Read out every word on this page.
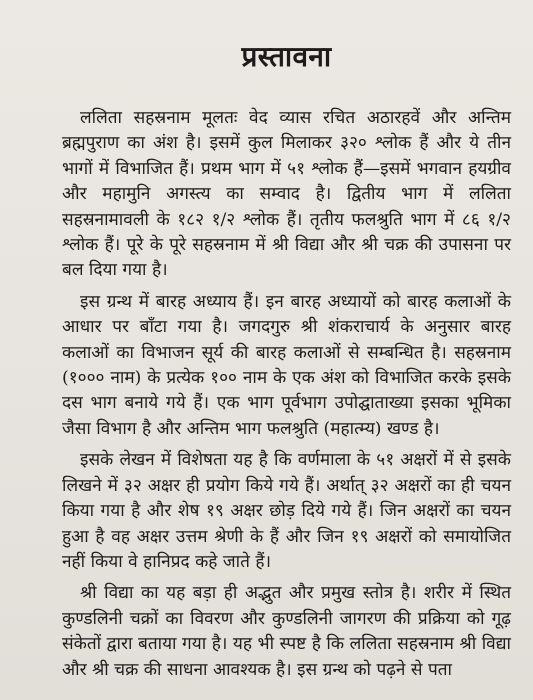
प्रस्तावना

ललिता सहस्रनाम मूलतः वेद व्यास रचित अठारहवें और अन्तिम ब्रह्मपुराण का अंश है। इसमें कुल मिलाकर ३२० श्लोक हैं और ये तीन भागों में विभाजित हैं। प्रथम भाग में ५१ श्लोक हैं—इसमें भगवान हयग्रीव और महामुनि अगस्त्य का सम्वाद है। द्वितीय भाग में ललिता सहस्रनामावली के १८२ १/२ श्लोक हैं। तृतीय फलश्रुति भाग में ८६ १/२ श्लोक हैं। पूरे के पूरे सहस्रनाम में श्री विद्या और श्री चक्र की उपासना पर बल दिया गया है।

इस ग्रन्थ में बारह अध्याय हैं। इन बारह अध्यायों को बारह कलाओं के आधार पर बाँटा गया है। जगदगुरु श्री शंकराचार्य के अनुसार बारह कलाओं का विभाजन सूर्य की बारह कलाओं से सम्बन्धित है। सहस्रनाम (१००० नाम) के प्रत्येक १०० नाम के एक अंश को विभाजित करके इसके दस भाग बनाये गये हैं। एक भाग पूर्वभाग उपोद्घाताख्या इसका भूमिका जैसा विभाग है और अन्तिम भाग फलश्रुति (महात्म्य) खण्ड है।

इसके लेखन में विशेषता यह है कि वर्णमाला के ५१ अक्षरों में से इसके लिखने में ३२ अक्षर ही प्रयोग किये गये हैं। अर्थात् ३२ अक्षरों का ही चयन किया गया है और शेष १९ अक्षर छोड़ दिये गये हैं। जिन अक्षरों का चयन हुआ है वह अक्षर उत्तम श्रेणी के हैं और जिन १९ अक्षरों को समायोजित नहीं किया वे हानिप्रद कहे जाते हैं।

श्री विद्या का यह बड़ा ही अद्भुत और प्रमुख स्तोत्र है। शरीर में स्थित कुण्डलिनी चक्रों का विवरण और कुण्डलिनी जागरण की प्रक्रिया को गूढ़ संकेतों द्वारा बताया गया है। यह भी स्पष्ट है कि ललिता सहस्रनाम श्री विद्या और श्री चक्र की साधना आवश्यक है। इस ग्रन्थ को पढ़ने से पता
